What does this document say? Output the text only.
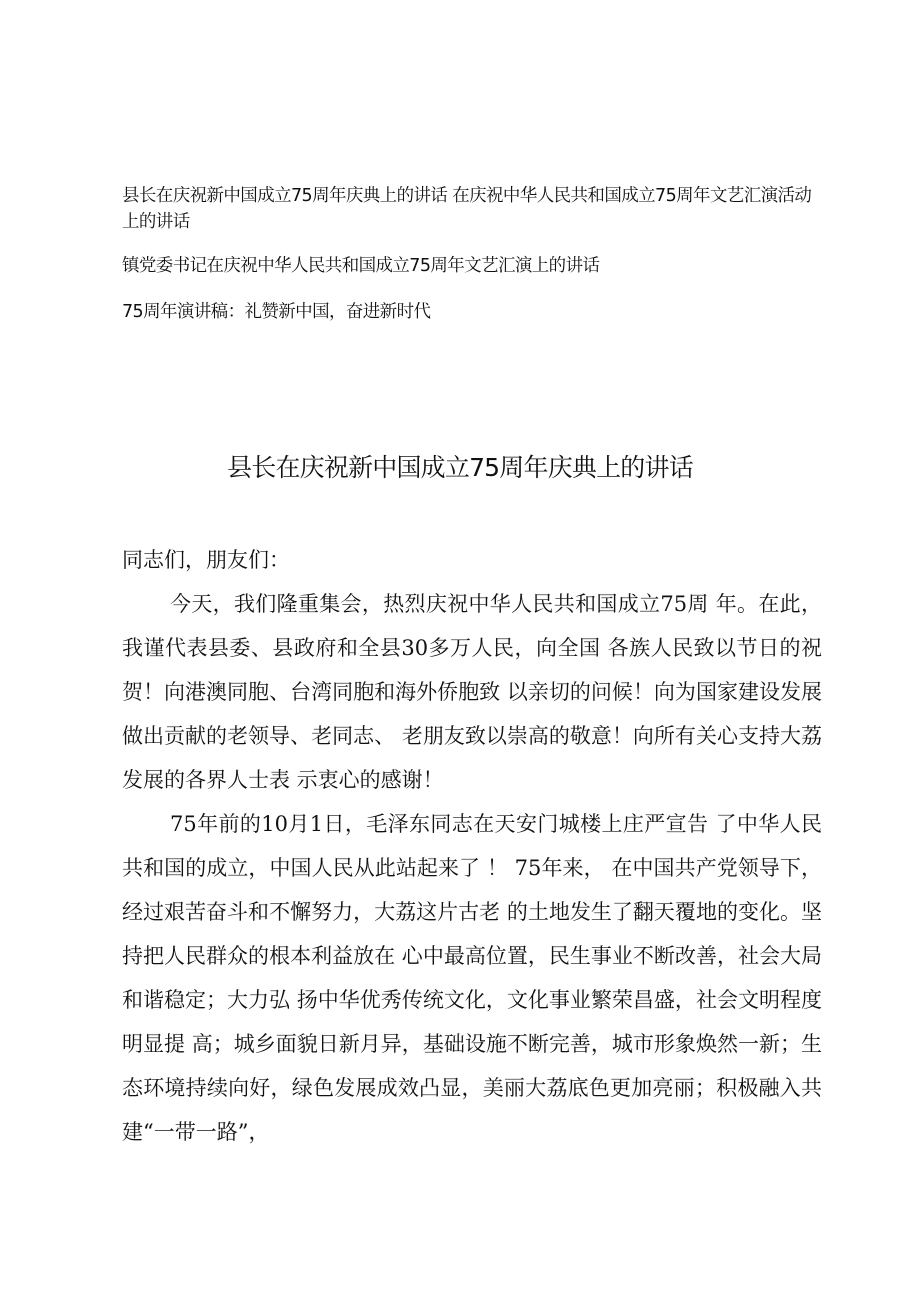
县长在庆祝新中国成立75周年庆典上的讲话 在庆祝中华人民共和国成立75周年文艺汇演活动上的讲话

镇党委书记在庆祝中华人民共和国成立75周年文艺汇演上的讲话

75周年演讲稿：礼赞新中国，奋进新时代

县长在庆祝新中国成立75周年庆典上的讲话

同志们，朋友们：

今天，我们隆重集会，热烈庆祝中华人民共和国成立75周 年。在此，我谨代表县委、县政府和全县30多万人民，向全国 各族人民致以节日的祝贺！向港澳同胞、台湾同胞和海外侨胞致 以亲切的问候！向为国家建设发展做出贡献的老领导、老同志、 老朋友致以崇高的敬意！向所有关心支持大荔发展的各界人士表 示衷心的感谢！

75年前的10月1日，毛泽东同志在天安门城楼上庄严宣告 了中华人民共和国的成立，中国人民从此站起来了 ！ 75年来， 在中国共产党领导下，经过艰苦奋斗和不懈努力，大荔这片古老 的土地发生了翻天覆地的变化。坚持把人民群众的根本利益放在 心中最高位置，民生事业不断改善，社会大局和谐稳定；大力弘 扬中华优秀传统文化，文化事业繁荣昌盛，社会文明程度明显提 高；城乡面貌日新月异，基础设施不断完善，城市形象焕然一新；生态环境持续向好，绿色发展成效凸显，美丽大荔底色更加亮丽；积极融入共建“一带一路”，
